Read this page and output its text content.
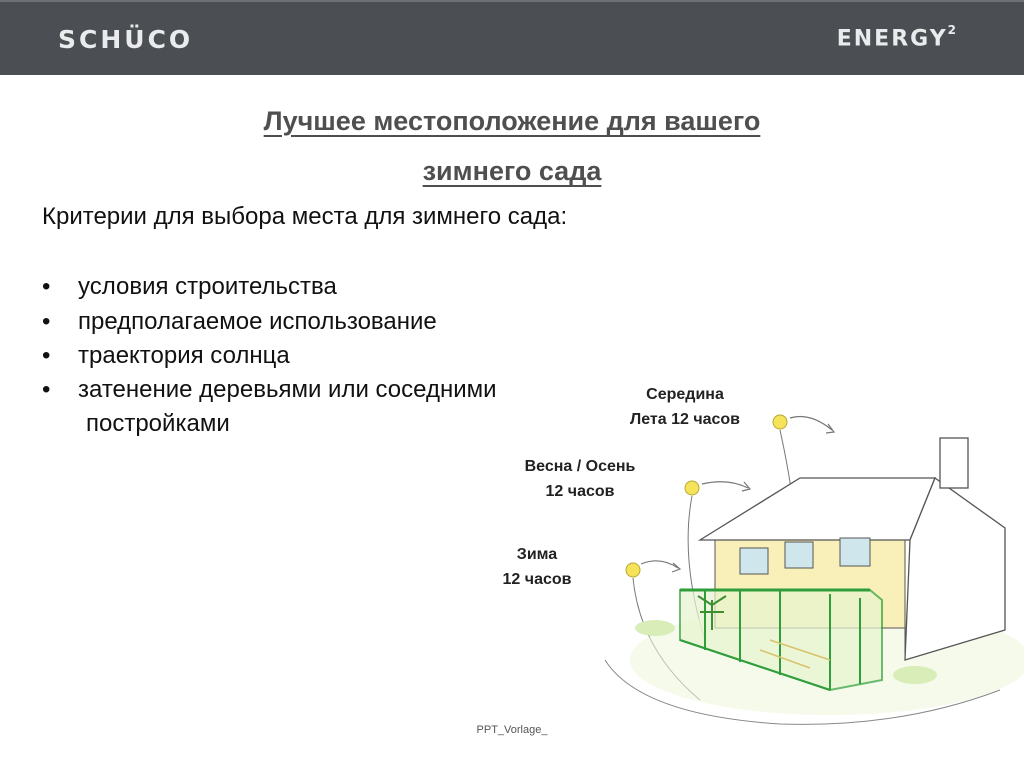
SCHÜCO	ENERGY$^2$
Лучшее местоположение для вашего
зимнего сада
Критерии для выбора места для зимнего сада:
• условия строительства
• предполагаемое использование
• траектория солнца
• затенение деревьями или соседними
постройками
Середина
Лета 12 часов
Весна / Осень
12 часов
Зима
12 часов
PPT_Vorlage_
